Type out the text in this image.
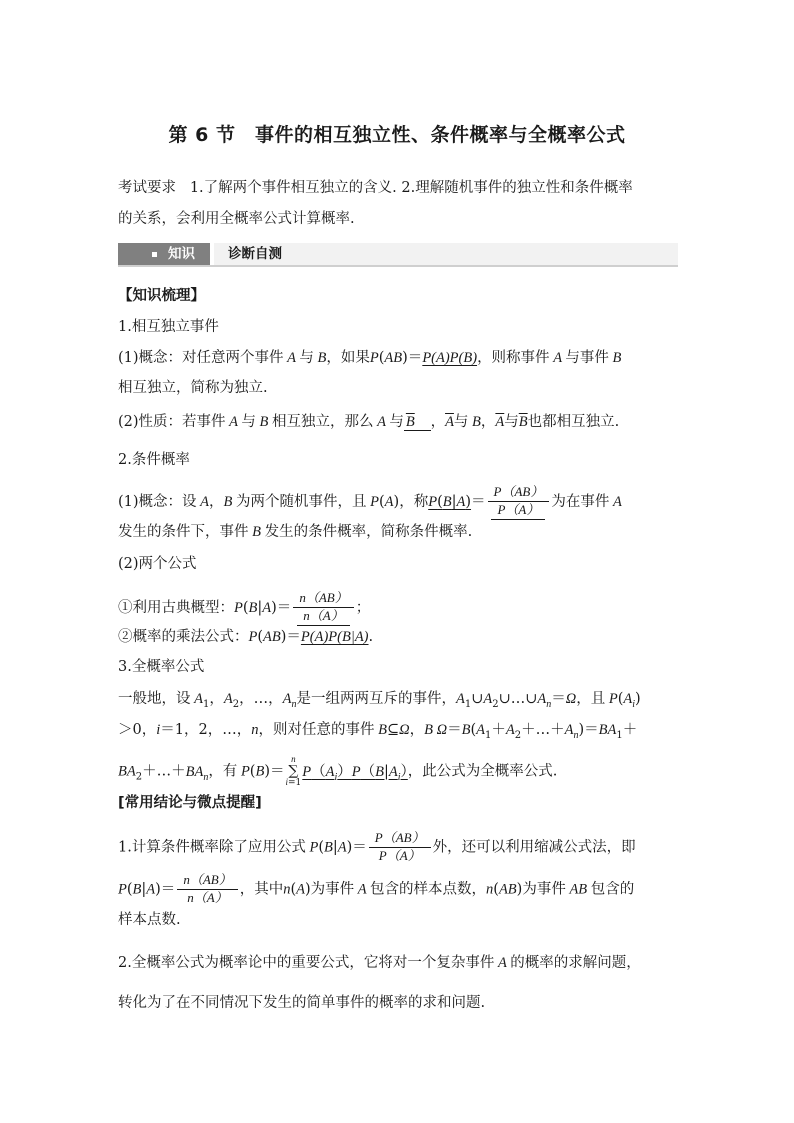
第 6 节　事件的相互独立性、条件概率与全概率公式
考试要求 1.了解两个事件相互独立的含义. 2.理解随机事件的独立性和条件概率
的关系，会利用全概率公式计算概率.
知识 诊断自测
【知识梳理】
1.相互独立事件
(1)概念：对任意两个事件 A 与 B，如果P(AB)＝P(A)P(B)，则称事件 A 与事件 B
相互独立，简称为独立.
(2)性质：若事件 A 与 B 相互独立，那么 A 与 $\overline{B}$ ，$\overline{A}$与 B，$\overline{A}$与$\overline{B}$也都相互独立.
2.条件概率
(1)概念：设 A，B 为两个随机事件，且 P(A)，称$P(B|A)= \frac{P(AB)}{P(A)}$ 为在事件 A
发生的条件下，事件 B 发生的条件概率，简称条件概率.
(2)两个公式
①利用古典概型：$P(B|A)= \frac{n(AB)}{n(A)}$ ；
②概率的乘法公式：P(AB)＝P(A)P(B|A).
3.全概率公式
一般地，设 $A_1$，$A_2$，…，$A_n$是一组两两互斥的事件，$A_1\cup A_2\cup\dots\cup A_n=\Omega$，且 $P(A_i)$
＞0，i＝1，2，…，n，则对任意的事件 B⊆Ω，B $\Omega=B(A_1+A_2+\dots+A_n)=BA_1+$
$BA_2+\dots+BA_n$，有 P(B)＝
n
∑
i=1
$P(A_i)P(B|A_i)$，此公式为全概率公式.
[常用结论与微点提醒]
1.计算条件概率除了应用公式 $P(B|A)= \frac{P(AB)}{P(A)}$ 外，还可以利用缩减公式法，即
$P(B|A)= \frac{n(AB)}{n(A)}$ ，其中n(A)为事件 A 包含的样本点数，n(AB)为事件 AB 包含的
样本点数.
2.全概率公式为概率论中的重要公式，它将对一个复杂事件 A 的概率的求解问题，
转化为了在不同情况下发生的简单事件的概率的求和问题.
